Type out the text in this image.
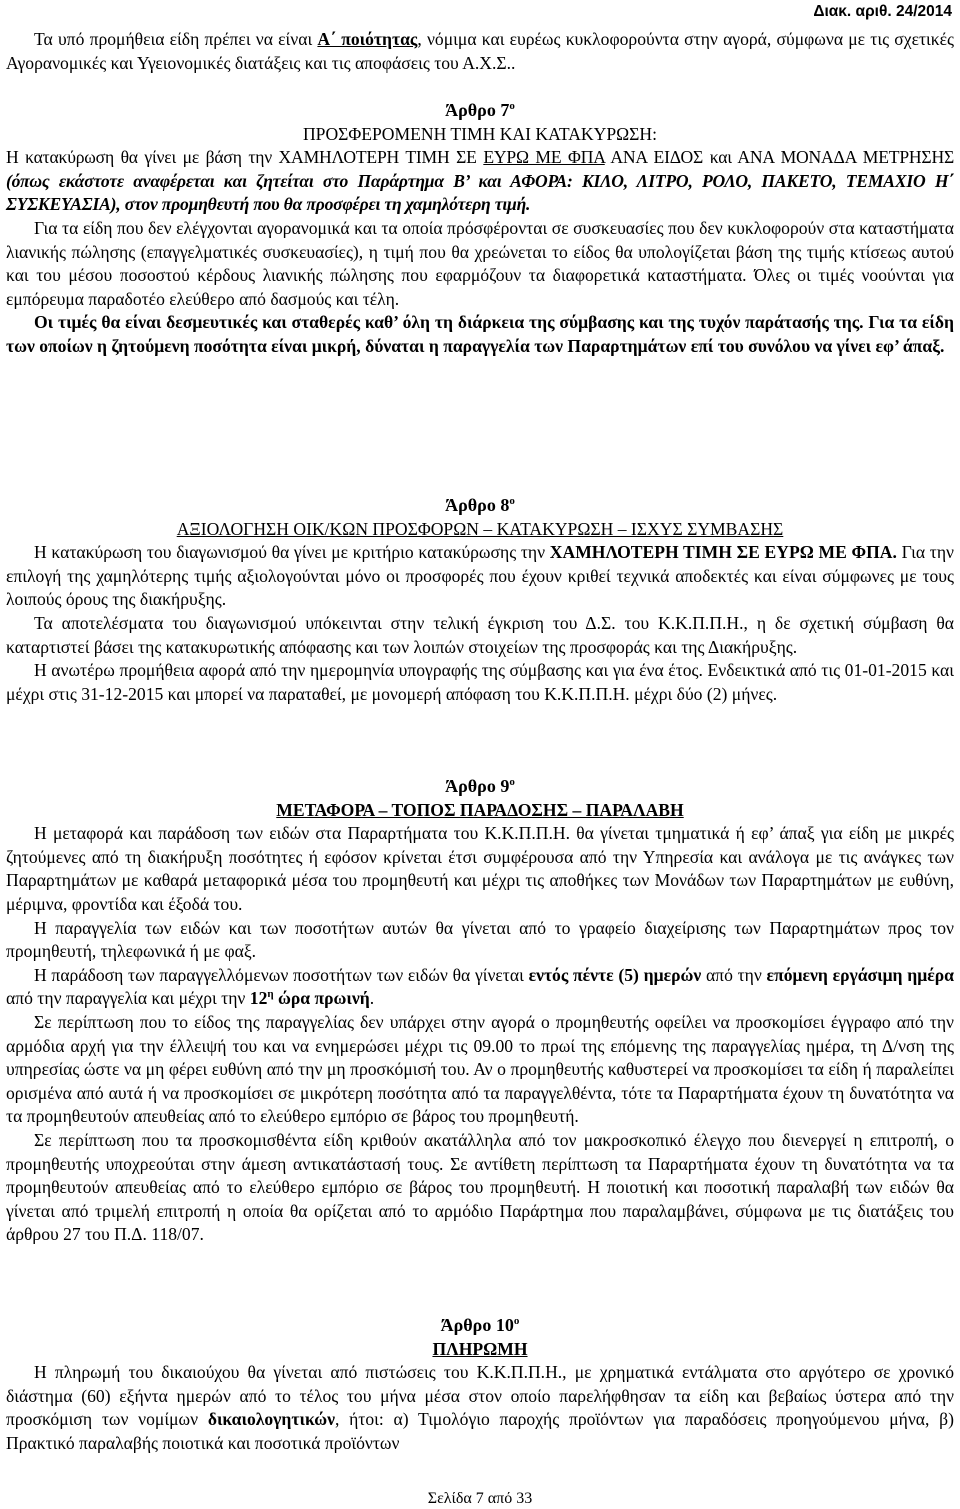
Διακ. αριθ. 24/2014

Τα υπό προμήθεια είδη πρέπει να είναι Α΄ ποιότητας, νόμιμα και ευρέως κυκλοφορούντα στην αγορά, σύμφωνα με τις σχετικές Αγορανομικές και Υγειονομικές διατάξεις και τις αποφάσεις του Α.Χ.Σ..

Άρθρο $7^o$
ΠΡΟΣΦΕΡΟΜΕΝΗ ΤΙΜΗ ΚΑΙ ΚΑΤΑΚΥΡΩΣΗ:

Η κατακύρωση θα γίνει με βάση την ΧΑΜΗΛΟΤΕΡΗ ΤΙΜΗ ΣΕ ΕΥΡΩ ΜΕ ΦΠΑ ΑΝΑ ΕΙΔΟΣ και ΑΝΑ ΜΟΝΑΔΑ ΜΕΤΡΗΣΗΣ (όπως εκάστοτε αναφέρεται και ζητείται στο Παράρτημα Β’ και ΑΦΟΡΑ: ΚΙΛΟ, ΛΙΤΡΟ, ΡΟΛΟ, ΠΑΚΕΤΟ, ΤΕΜΑΧΙΟ Η΄ ΣΥΣΚΕΥΑΣΙΑ), στον προμηθευτή που θα προσφέρει τη χαμηλότερη τιμή.

Για τα είδη που δεν ελέγχονται αγορανομικά και τα οποία πρόσφέρονται σε συσκευασίες που δεν κυκλοφορούν στα καταστήματα λιανικής πώλησης (επαγγελματικές συσκευασίες), η τιμή που θα χρεώνεται το είδος θα υπολογίζεται βάση της τιμής κτίσεως αυτού και του μέσου ποσοστού κέρδους λιανικής πώλησης που εφαρμόζουν τα διαφορετικά καταστήματα. Όλες οι τιμές νοούνται για εμπόρευμα παραδοτέο ελεύθερο από δασμούς και τέλη.

Οι τιμές θα είναι δεσμευτικές και σταθερές καθ’ όλη τη διάρκεια της σύμβασης και της τυχόν παράτασής της. Για τα είδη των οποίων η ζητούμενη ποσότητα είναι μικρή, δύναται η παραγγελία των Παραρτημάτων επί του συνόλου να γίνει εφ’ άπαξ.

Άρθρο $8^o$
ΑΞΙΟΛΟΓΗΣΗ ΟΙΚ/ΚΩΝ ΠΡΟΣΦΟΡΩΝ – ΚΑΤΑΚΥΡΩΣΗ – ΙΣΧΥΣ ΣΥΜΒΑΣΗΣ

Η κατακύρωση του διαγωνισμού θα γίνει με κριτήριο κατακύρωσης την ΧΑΜΗΛΟΤΕΡΗ ΤΙΜΗ ΣΕ ΕΥΡΩ ΜΕ ΦΠΑ. Για την επιλογή της χαμηλότερης τιμής αξιολογούνται μόνο οι προσφορές που έχουν κριθεί τεχνικά αποδεκτές και είναι σύμφωνες με τους λοιπούς όρους της διακήρυξης.

Τα αποτελέσματα του διαγωνισμού υπόκεινται στην τελική έγκριση του Δ.Σ. του Κ.Κ.Π.Π.Η., η δε σχετική σύμβαση θα καταρτιστεί βάσει της κατακυρωτικής απόφασης και των λοιπών στοιχείων της προσφοράς και της Διακήρυξης.

Η ανωτέρω προμήθεια αφορά από την ημερομηνία υπογραφής της σύμβασης και για ένα έτος. Ενδεικτικά από τις 01-01-2015 και μέχρι στις 31-12-2015 και μπορεί να παραταθεί, με μονομερή απόφαση του Κ.Κ.Π.Π.Η. μέχρι δύο (2) μήνες.

Άρθρο $9^o$
ΜΕΤΑΦΟΡΑ – ΤΟΠΟΣ ΠΑΡΑΔΟΣΗΣ – ΠΑΡΑΛΑΒΗ

Η μεταφορά και παράδοση των ειδών στα Παραρτήματα του Κ.Κ.Π.Π.Η. θα γίνεται τμηματικά ή εφ’ άπαξ για είδη με μικρές ζητούμενες από τη διακήρυξη ποσότητες ή εφόσον κρίνεται έτσι συμφέρουσα από την Υπηρεσία και ανάλογα με τις ανάγκες των Παραρτημάτων με καθαρά μεταφορικά μέσα του προμηθευτή και μέχρι τις αποθήκες των Μονάδων των Παραρτημάτων με ευθύνη, μέριμνα, φροντίδα και έξοδά του.

Η παραγγελία των ειδών και των ποσοτήτων αυτών θα γίνεται από το γραφείο διαχείρισης των Παραρτημάτων προς τον προμηθευτή, τηλεφωνικά ή με φαξ.

Η παράδοση των παραγγελλόμενων ποσοτήτων των ειδών θα γίνεται εντός πέντε (5) ημερών από την επόμενη εργάσιμη ημέρα από την παραγγελία και μέχρι την $12^\eta$ ώρα πρωινή.

Σε περίπτωση που το είδος της παραγγελίας δεν υπάρχει στην αγορά ο προμηθευτής οφείλει να προσκομίσει έγγραφο από την αρμόδια αρχή για την έλλειψή του και να ενημερώσει μέχρι τις 09.00 το πρωί της επόμενης της παραγγελίας ημέρα, τη Δ/νση της υπηρεσίας ώστε να μη φέρει ευθύνη από την μη προσκόμισή του. Αν ο προμηθευτής καθυστερεί να προσκομίσει τα είδη ή παραλείπει ορισμένα από αυτά ή να προσκομίσει σε μικρότερη ποσότητα από τα παραγγελθέντα, τότε τα Παραρτήματα έχουν τη δυνατότητα να τα προμηθευτούν απευθείας από το ελεύθερο εμπόριο σε βάρος του προμηθευτή.

Σε περίπτωση που τα προσκομισθέντα είδη κριθούν ακατάλληλα από τον μακροσκοπικό έλεγχο που διενεργεί η επιτροπή, ο προμηθευτής υποχρεούται στην άμεση αντικατάστασή τους. Σε αντίθετη περίπτωση τα Παραρτήματα έχουν τη δυνατότητα να τα προμηθευτούν απευθείας από το ελεύθερο εμπόριο σε βάρος του προμηθευτή. Η ποιοτική και ποσοτική παραλαβή των ειδών θα γίνεται από τριμελή επιτροπή η οποία θα ορίζεται από το αρμόδιο Παράρτημα που παραλαμβάνει, σύμφωνα με τις διατάξεις του άρθρου 27 του Π.Δ. 118/07.

Άρθρο $10^o$
ΠΛΗΡΩΜΗ

Η πληρωμή του δικαιούχου θα γίνεται από πιστώσεις του Κ.Κ.Π.Π.Η., με χρηματικά εντάλματα στο αργότερο σε χρονικό διάστημα (60) εξήντα ημερών από το τέλος του μήνα μέσα στον οποίο παρελήφθησαν τα είδη και βεβαίως ύστερα από την προσκόμιση των νομίμων δικαιολογητικών, ήτοι: α) Τιμολόγιο παροχής προϊόντων για παραδόσεις προηγούμενου μήνα, β) Πρακτικό παραλαβής ποιοτικά και ποσοτικά προϊόντων

Σελίδα 7 από 33
